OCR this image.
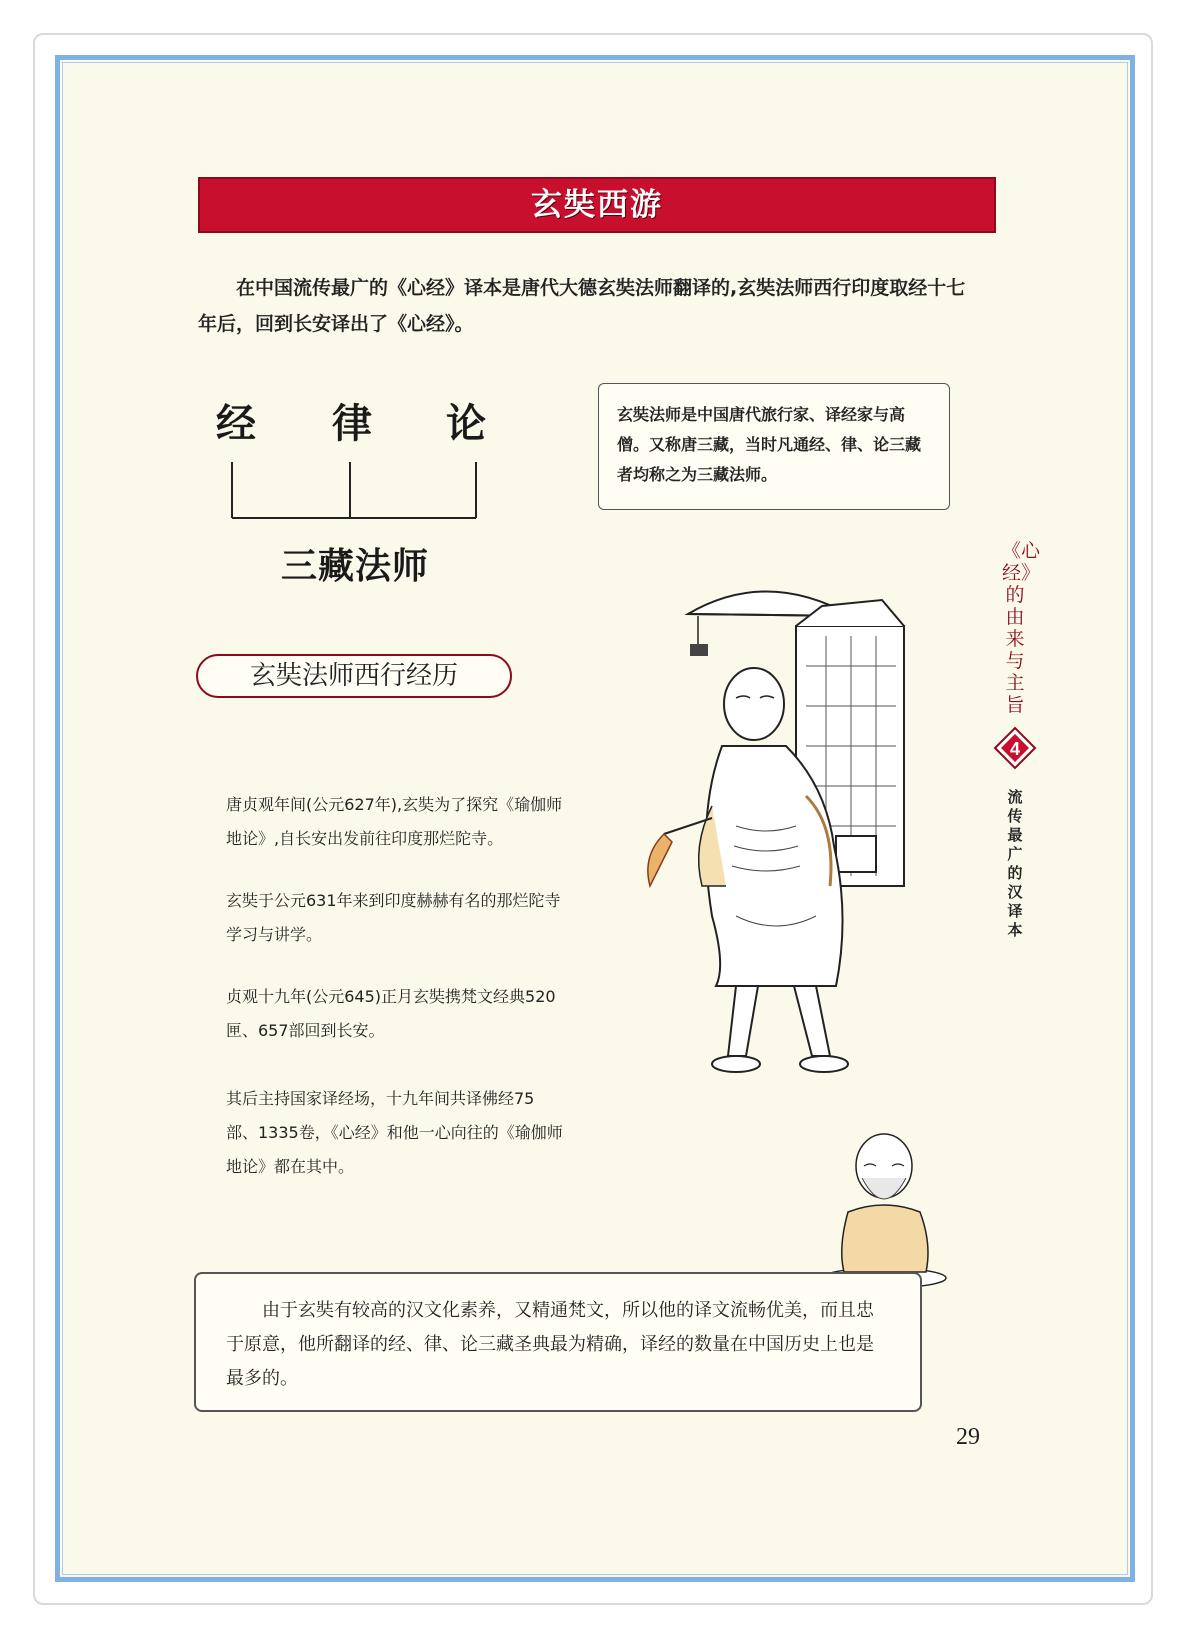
玄奘西游
在中国流传最广的《心经》译本是唐代大德玄奘法师翻译的,玄奘法师西行印度取经十七年后，回到长安译出了《心经》。
经 律 论
三藏法师
玄奘法师是中国唐代旅行家、译经家与高僧。又称唐三藏，当时凡通经、律、论三藏者均称之为三藏法师。
玄奘法师西行经历
唐贞观年间(公元627年),玄奘为了探究《瑜伽师地论》,自长安出发前往印度那烂陀寺。
玄奘于公元631年来到印度赫赫有名的那烂陀寺学习与讲学。
贞观十九年(公元645)正月玄奘携梵文经典520匣、657部回到长安。
其后主持国家译经场，十九年间共译佛经75部、1335卷，《心经》和他一心向往的《瑜伽师地论》都在其中。

由于玄奘有较高的汉文化素养，又精通梵文，所以他的译文流畅优美，而且忠于原意，他所翻译的经、律、论三藏圣典最为精确，译经的数量在中国历史上也是最多的。

29
《心经》的由来与主旨
4
流传最广的汉译本
